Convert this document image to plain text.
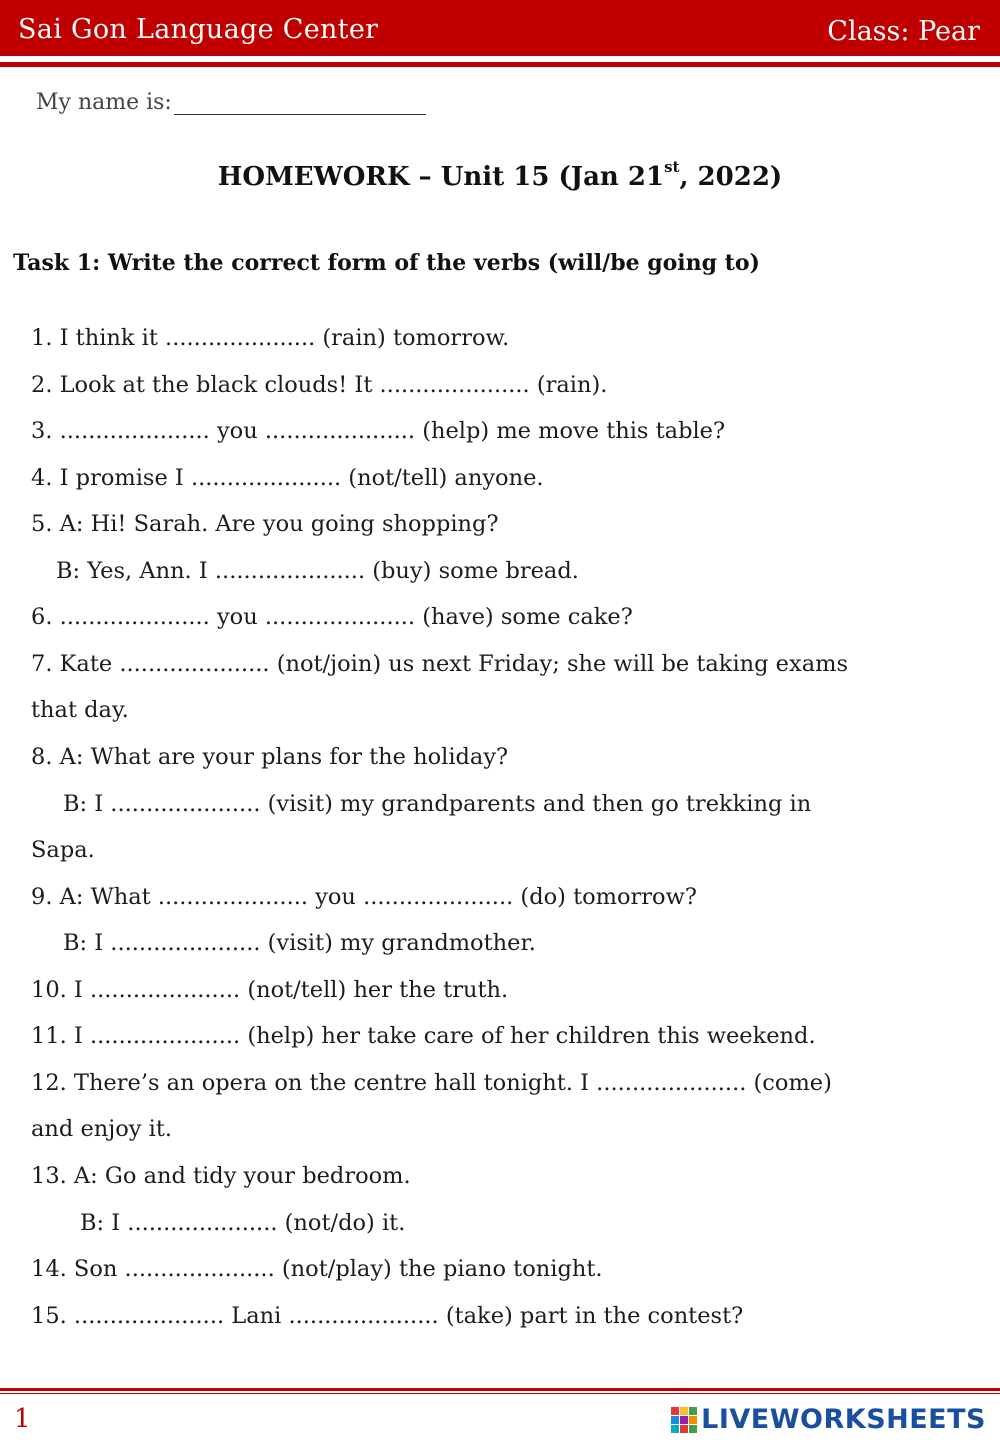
Sai Gon Language Center	Class: Pear
My name is:
HOMEWORK – Unit 15 (Jan 21st, 2022)
Task 1: Write the correct form of the verbs (will/be going to)
1. I think it ..................... (rain) tomorrow.
2. Look at the black clouds! It ..................... (rain).
3. ..................... you ..................... (help) me move this table?
4. I promise I ..................... (not/tell) anyone.
5. A: Hi! Sarah. Are you going shopping?
B: Yes, Ann. I ..................... (buy) some bread.
6. ..................... you ..................... (have) some cake?
7. Kate ..................... (not/join) us next Friday; she will be taking exams
that day.
8. A: What are your plans for the holiday?
B: I ..................... (visit) my grandparents and then go trekking in
Sapa.
9. A: What ..................... you ..................... (do) tomorrow?
B: I ..................... (visit) my grandmother.
10. I ..................... (not/tell) her the truth.
11. I ..................... (help) her take care of her children this weekend.
12. There’s an opera on the centre hall tonight. I ..................... (come)
and enjoy it.
13. A: Go and tidy your bedroom.
B: I ..................... (not/do) it.
14. Son ..................... (not/play) the piano tonight.
15. ..................... Lani ..................... (take) part in the contest?
1	LIVEWORKSHEETS
